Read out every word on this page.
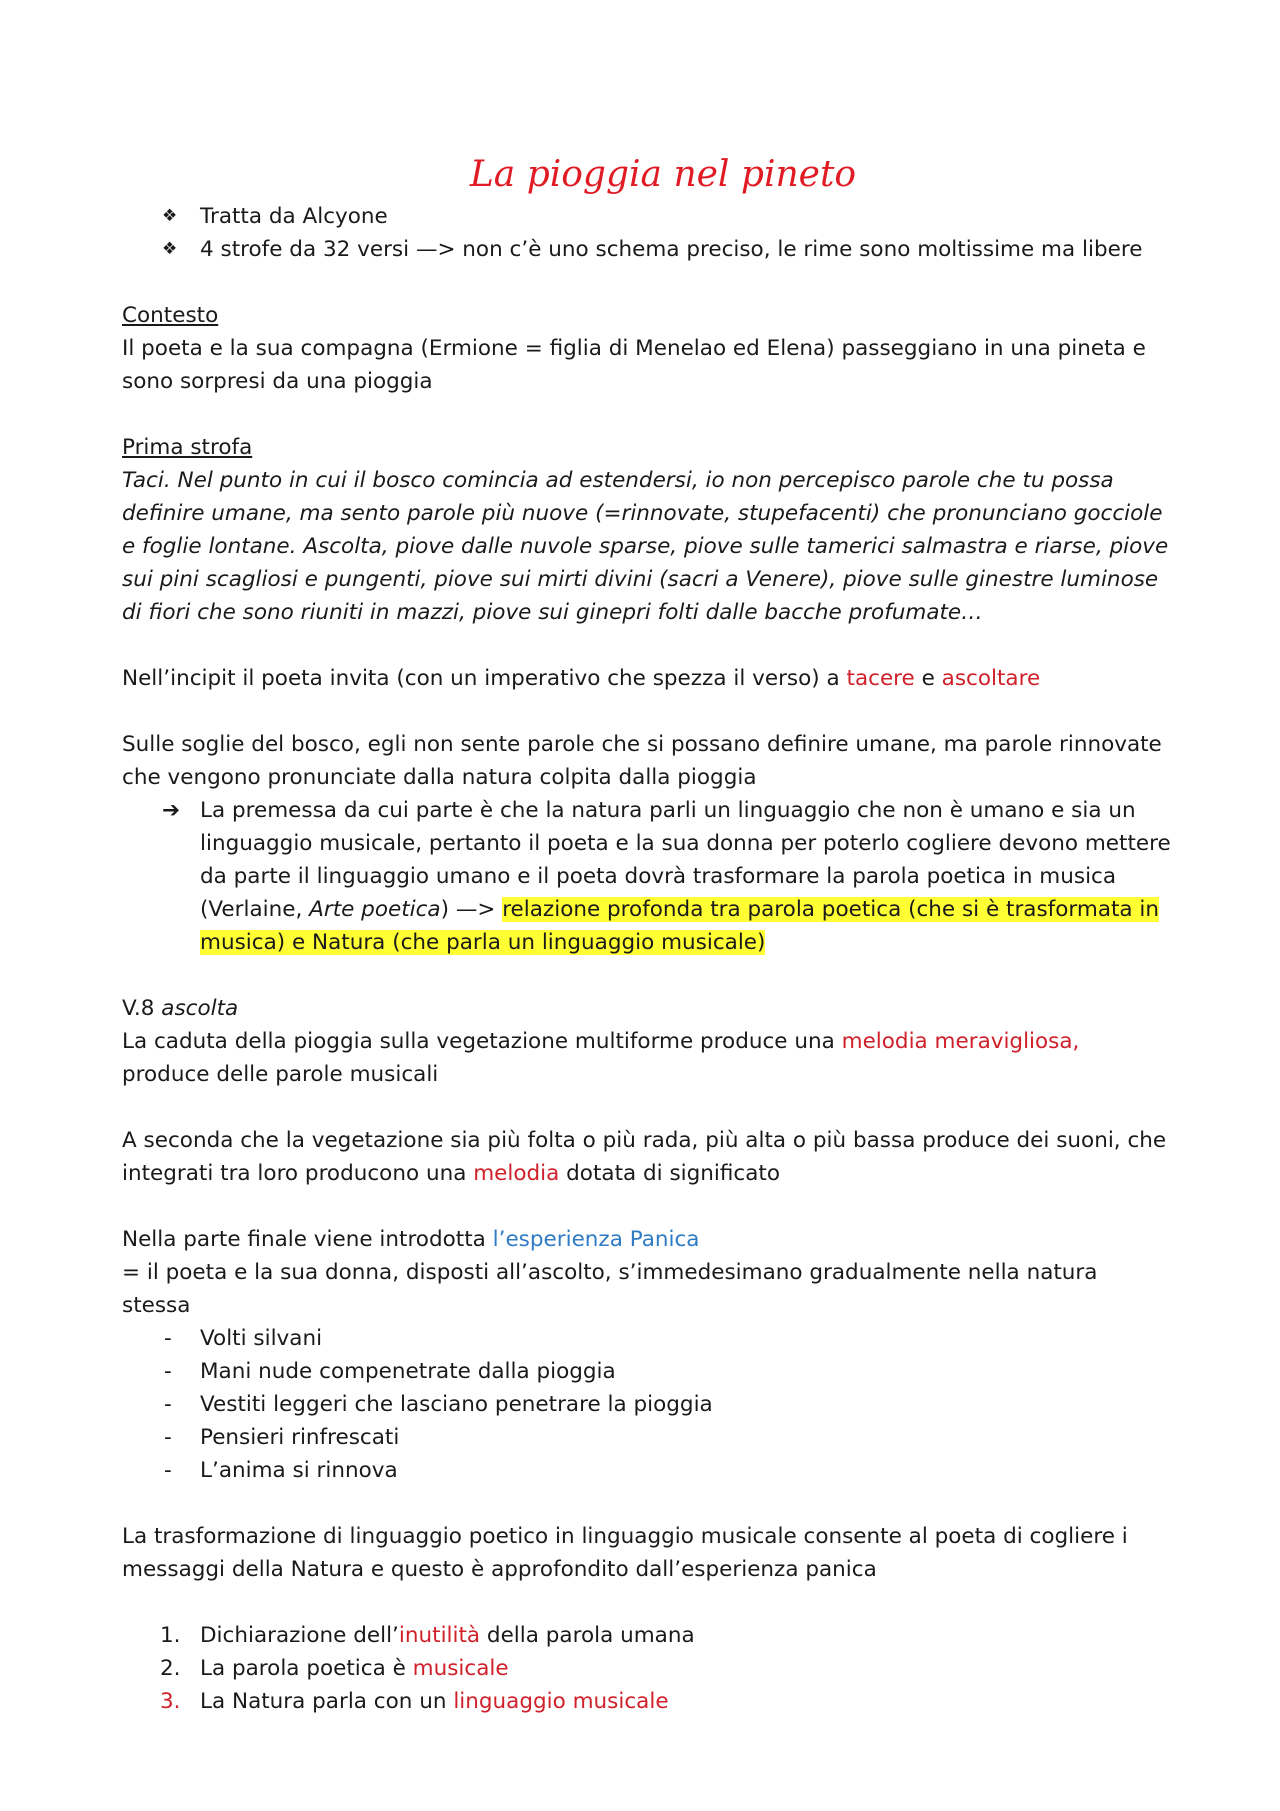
La pioggia nel pineto
❖ Tratta da Alcyone
❖ 4 strofe da 32 versi —> non c’è uno schema preciso, le rime sono moltissime ma libere

Contesto

Il poeta e la sua compagna (Ermione = figlia di Menelao ed Elena) passeggiano in una pineta e sono sorpresi da una pioggia

Prima strofa

Taci. Nel punto in cui il bosco comincia ad estendersi, io non percepisco parole che tu possa definire umane, ma sento parole più nuove (=rinnovate, stupefacenti) che pronunciano gocciole e foglie lontane. Ascolta, piove dalle nuvole sparse, piove sulle tamerici salmastra e riarse, piove sui pini scagliosi e pungenti, piove sui mirti divini (sacri a Venere), piove sulle ginestre luminose di fiori che sono riuniti in mazzi, piove sui ginepri folti dalle bacche profumate…

Nell’incipit il poeta invita (con un imperativo che spezza il verso) a tacere e ascoltare

Sulle soglie del bosco, egli non sente parole che si possano definire umane, ma parole rinnovate che vengono pronunciate dalla natura colpita dalla pioggia

➔ La premessa da cui parte è che la natura parli un linguaggio che non è umano e sia un linguaggio musicale, pertanto il poeta e la sua donna per poterlo cogliere devono mettere da parte il linguaggio umano e il poeta dovrà trasformare la parola poetica in musica (Verlaine, Arte poetica) —> relazione profonda tra parola poetica (che si è trasformata in musica) e Natura (che parla un linguaggio musicale)

V.8 ascolta

La caduta della pioggia sulla vegetazione multiforme produce una melodia meravigliosa, produce delle parole musicali

A seconda che la vegetazione sia più folta o più rada, più alta o più bassa produce dei suoni, che integrati tra loro producono una melodia dotata di significato

Nella parte finale viene introdotta l’esperienza Panica

= il poeta e la sua donna, disposti all’ascolto, s’immedesimano gradualmente nella natura stessa

- Volti silvani
- Mani nude compenetrate dalla pioggia
- Vestiti leggeri che lasciano penetrare la pioggia
- Pensieri rinfrescati
- L’anima si rinnova

La trasformazione di linguaggio poetico in linguaggio musicale consente al poeta di cogliere i messaggi della Natura e questo è approfondito dall’esperienza panica

1. Dichiarazione dell’inutilità della parola umana
2. La parola poetica è musicale
3. La Natura parla con un linguaggio musicale
